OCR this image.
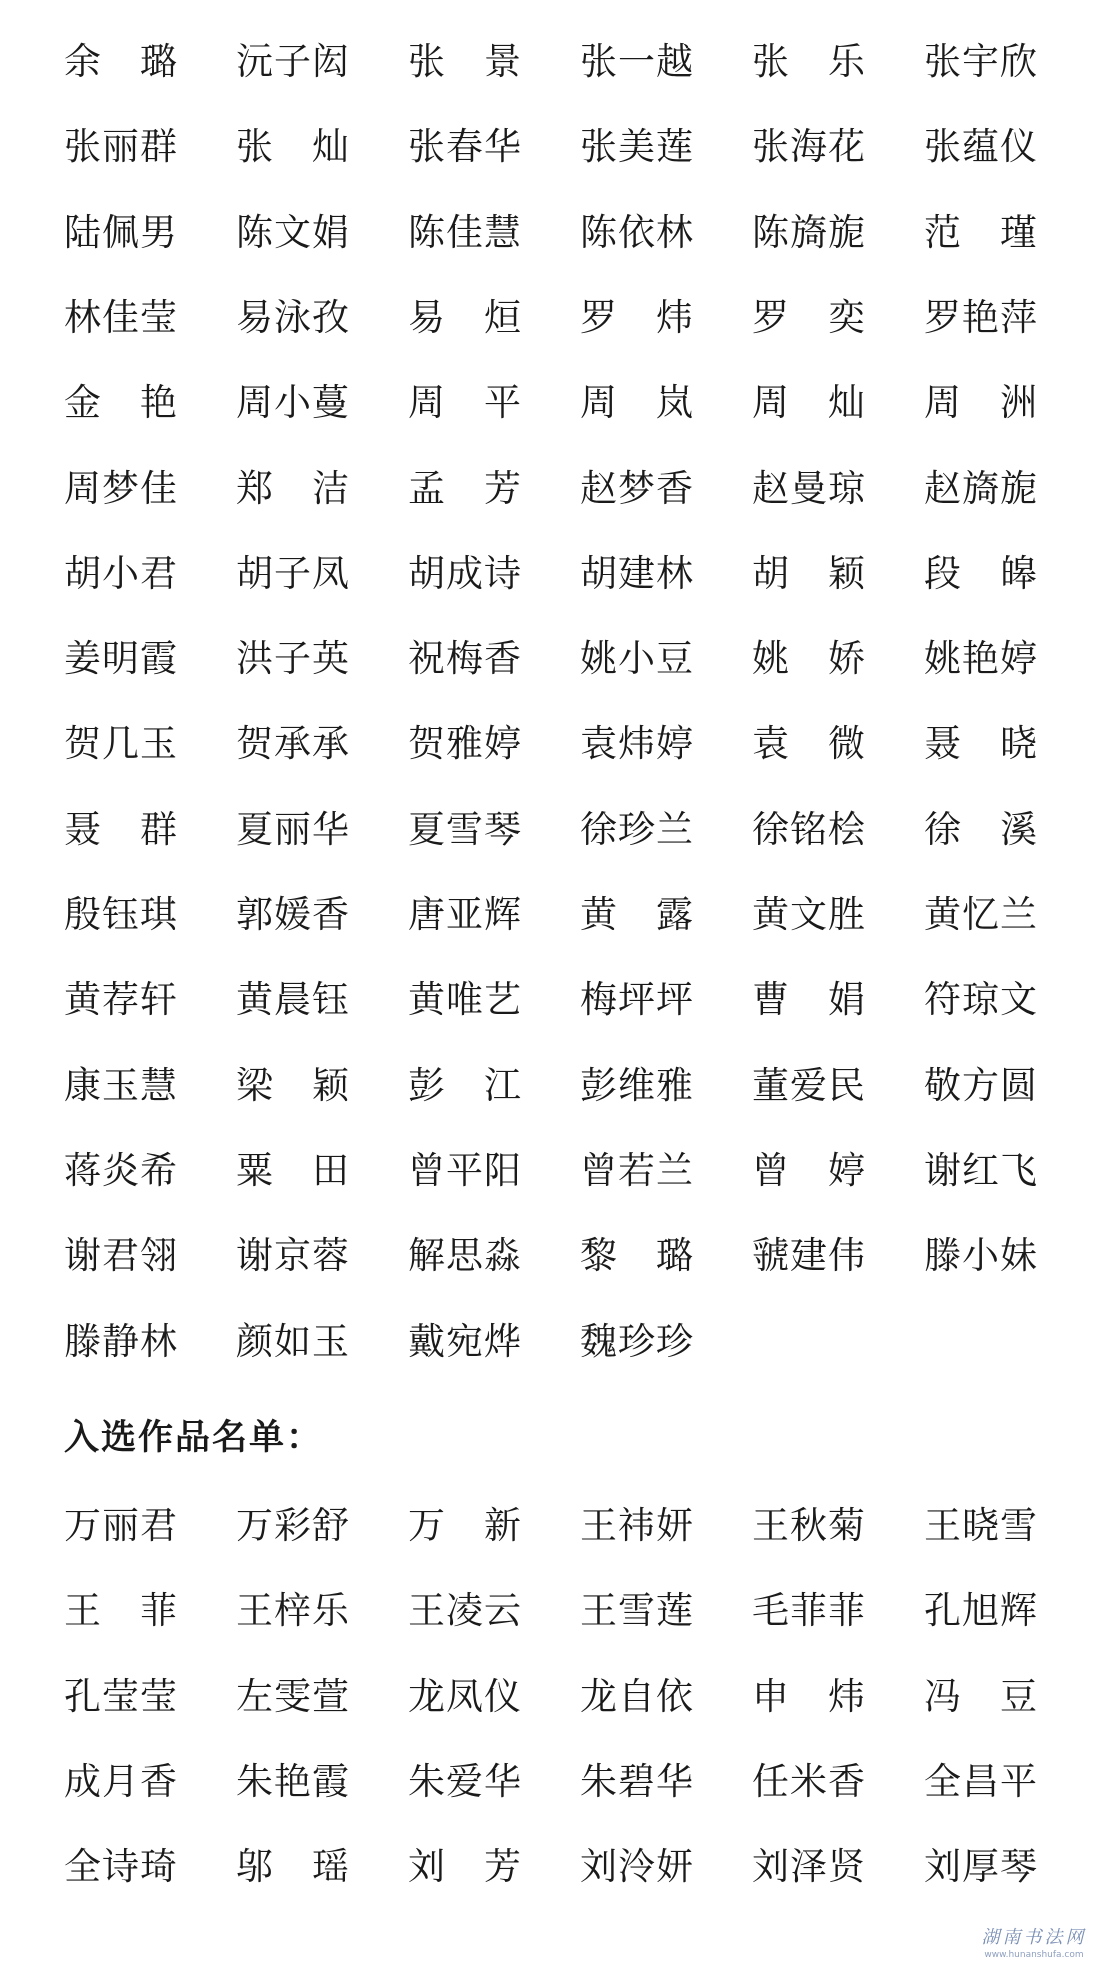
余　璐 沅子闳 张　景 张一越 张　乐 张宇欣
张丽群 张　灿 张春华 张美莲 张海花 张蕴仪
陆佩男 陈文娟 陈佳慧 陈依林 陈旖旎 范　瑾
林佳莹 易泳孜 易　烜 罗　炜 罗　奕 罗艳萍
金　艳 周小蔓 周　平 周　岚 周　灿 周　洲
周梦佳 郑　洁 孟　芳 赵梦香 赵曼琼 赵旖旎
胡小君 胡子凤 胡成诗 胡建林 胡　颖 段　皞
姜明霞 洪子英 祝梅香 姚小豆 姚　娇 姚艳婷
贺几玉 贺承承 贺雅婷 袁炜婷 袁　微 聂　晓
聂　群 夏丽华 夏雪琴 徐珍兰 徐铭桧 徐　溪
殷钰琪 郭媛香 唐亚辉 黄　露 黄文胜 黄忆兰
黄荐轩 黄晨钰 黄唯艺 梅坪坪 曹　娟 符琼文
康玉慧 梁　颖 彭　江 彭维雅 董爱民 敬方圆
蒋炎希 粟　田 曾平阳 曾若兰 曾　婷 谢红飞
谢君翎 谢京蓉 解思淼 黎　璐 虢建伟 滕小妹
滕静林 颜如玉 戴宛烨 魏珍珍
入选作品名单：
万丽君 万彩舒 万　新 王祎妍 王秋菊 王晓雪
王　菲 王梓乐 王凌云 王雪莲 毛菲菲 孔旭辉
孔莹莹 左雯萱 龙凤仪 龙自依 申　炜 冯　豆
成月香 朱艳霞 朱爱华 朱碧华 任米香 全昌平
全诗琦 邬　瑶 刘　芳 刘泠妍 刘泽贤 刘厚琴
湖南书法网
www.hunanshufa.com
